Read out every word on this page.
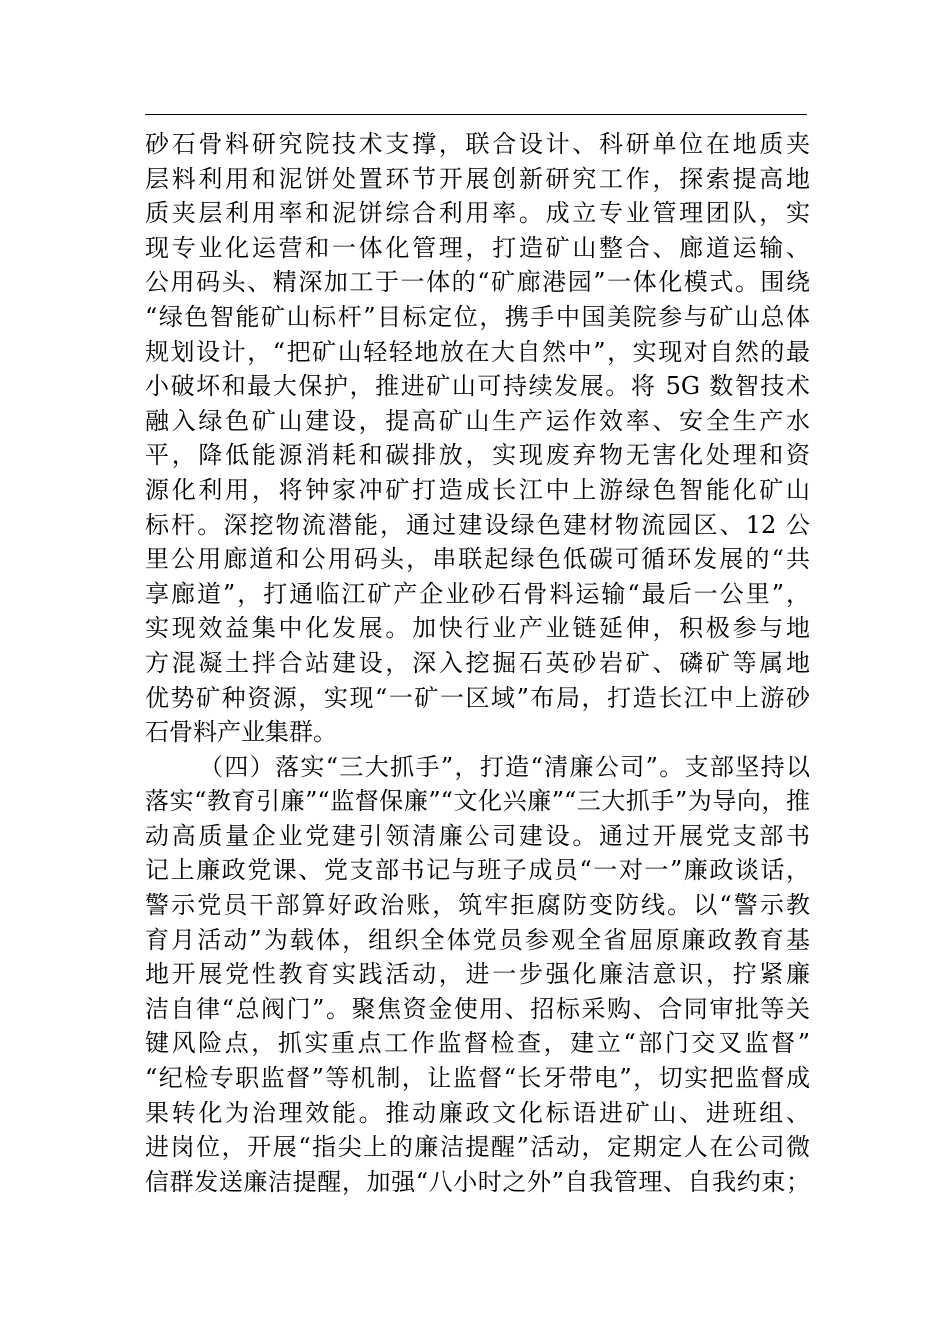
砂石骨料研究院技术支撑，联合设计、科研单位在地质夹
层料利用和泥饼处置环节开展创新研究工作，探索提高地
质夹层利用率和泥饼综合利用率。成立专业管理团队，实
现专业化运营和一体化管理，打造矿山整合、廊道运输、
公用码头、精深加工于一体的“矿廊港园”一体化模式。围绕
“绿色智能矿山标杆”目标定位，携手中国美院参与矿山总体
规划设计，“把矿山轻轻地放在大自然中”，实现对自然的最
小破坏和最大保护，推进矿山可持续发展。将 5G 数智技术
融入绿色矿山建设，提高矿山生产运作效率、安全生产水
平，降低能源消耗和碳排放，实现废弃物无害化处理和资
源化利用，将钟家冲矿打造成长江中上游绿色智能化矿山
标杆。深挖物流潜能，通过建设绿色建材物流园区、12 公
里公用廊道和公用码头，串联起绿色低碳可循环发展的“共
享廊道”，打通临江矿产企业砂石骨料运输“最后一公里”，
实现效益集中化发展。加快行业产业链延伸，积极参与地
方混凝土拌合站建设，深入挖掘石英砂岩矿、磷矿等属地
优势矿种资源，实现“一矿一区域”布局，打造长江中上游砂
石骨料产业集群。
（四）落实“三大抓手”，打造“清廉公司”。支部坚持以
落实“教育引廉”“监督保廉”“文化兴廉”“三大抓手”为导向，推
动高质量企业党建引领清廉公司建设。通过开展党支部书
记上廉政党课、党支部书记与班子成员“一对一”廉政谈话，
警示党员干部算好政治账，筑牢拒腐防变防线。以“警示教
育月活动”为载体，组织全体党员参观全省屈原廉政教育基
地开展党性教育实践活动，进一步强化廉洁意识，拧紧廉
洁自律“总阀门”。聚焦资金使用、招标采购、合同审批等关
键风险点，抓实重点工作监督检查，建立“部门交叉监督”
“纪检专职监督”等机制，让监督“长牙带电”，切实把监督成
果转化为治理效能。推动廉政文化标语进矿山、进班组、
进岗位，开展“指尖上的廉洁提醒”活动，定期定人在公司微
信群发送廉洁提醒，加强“八小时之外”自我管理、自我约束；
